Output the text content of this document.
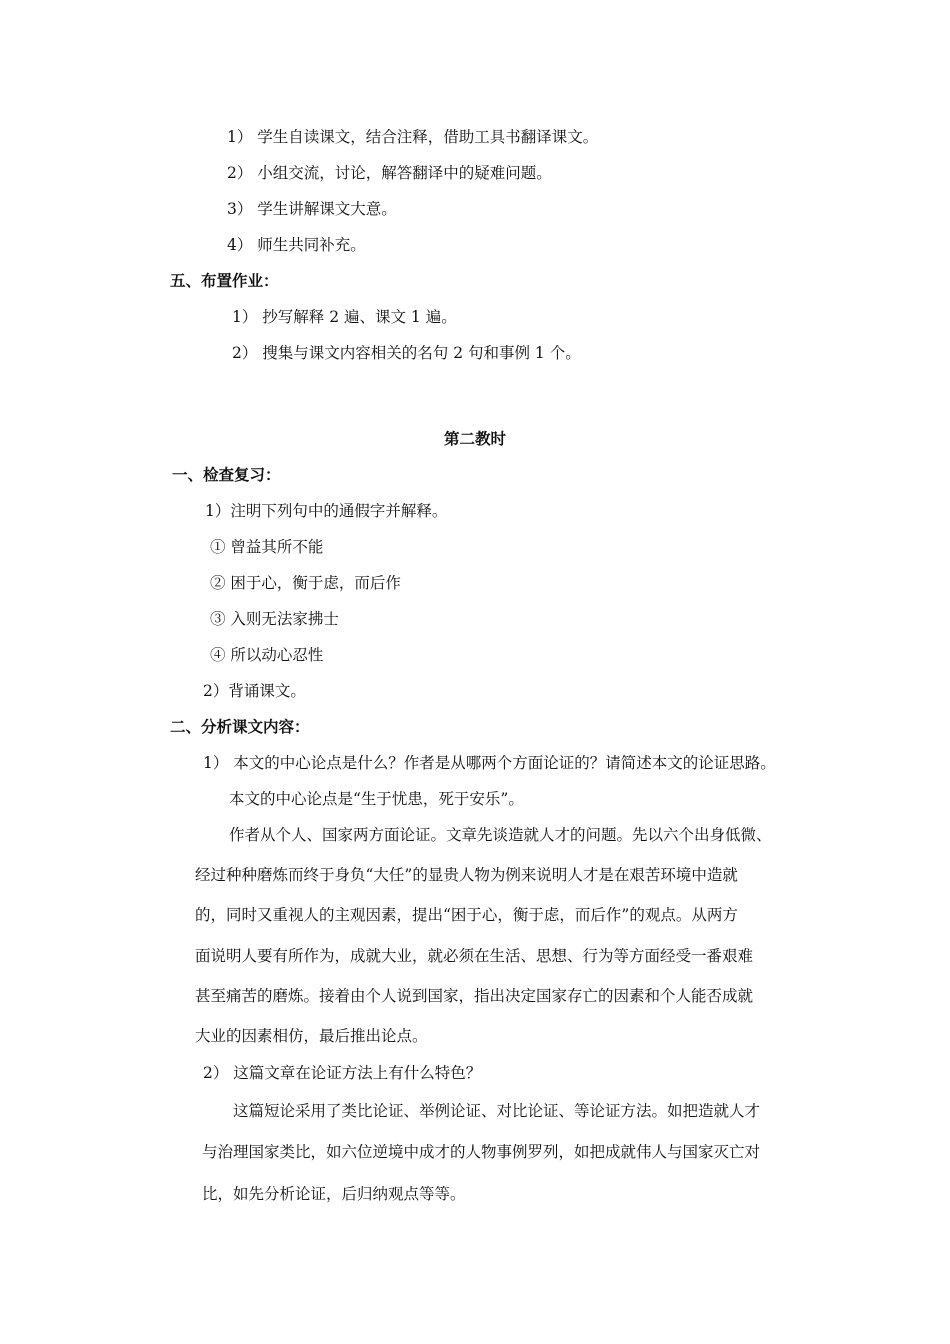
1） 学生自读课文，结合注释，借助工具书翻译课文。
2） 小组交流，讨论，解答翻译中的疑难问题。
3） 学生讲解课文大意。
4） 师生共同补充。
五、布置作业：
1） 抄写解释 2 遍、课文 1 遍。
2） 搜集与课文内容相关的名句 2 句和事例 1 个。
第二教时
一、检查复习：
1）注明下列句中的通假字并解释。
① 曾益其所不能
② 困于心，衡于虑，而后作
③ 入则无法家拂士
④ 所以动心忍性
2）背诵课文。
二、分析课文内容：
1） 本文的中心论点是什么？作者是从哪两个方面论证的？请简述本文的论证思路。
本文的中心论点是“生于忧患，死于安乐”。
作者从个人、国家两方面论证。文章先谈造就人才的问题。先以六个出身低微、
经过种种磨炼而终于身负“大任”的显贵人物为例来说明人才是在艰苦环境中造就
的，同时又重视人的主观因素，提出“困于心，衡于虑，而后作”的观点。从两方
面说明人要有所作为，成就大业，就必须在生活、思想、行为等方面经受一番艰难
甚至痛苦的磨炼。接着由个人说到国家，指出决定国家存亡的因素和个人能否成就
大业的因素相仿，最后推出论点。
2） 这篇文章在论证方法上有什么特色？
这篇短论采用了类比论证、举例论证、对比论证、等论证方法。如把造就人才
与治理国家类比，如六位逆境中成才的人物事例罗列，如把成就伟人与国家灭亡对
比，如先分析论证，后归纳观点等等。
